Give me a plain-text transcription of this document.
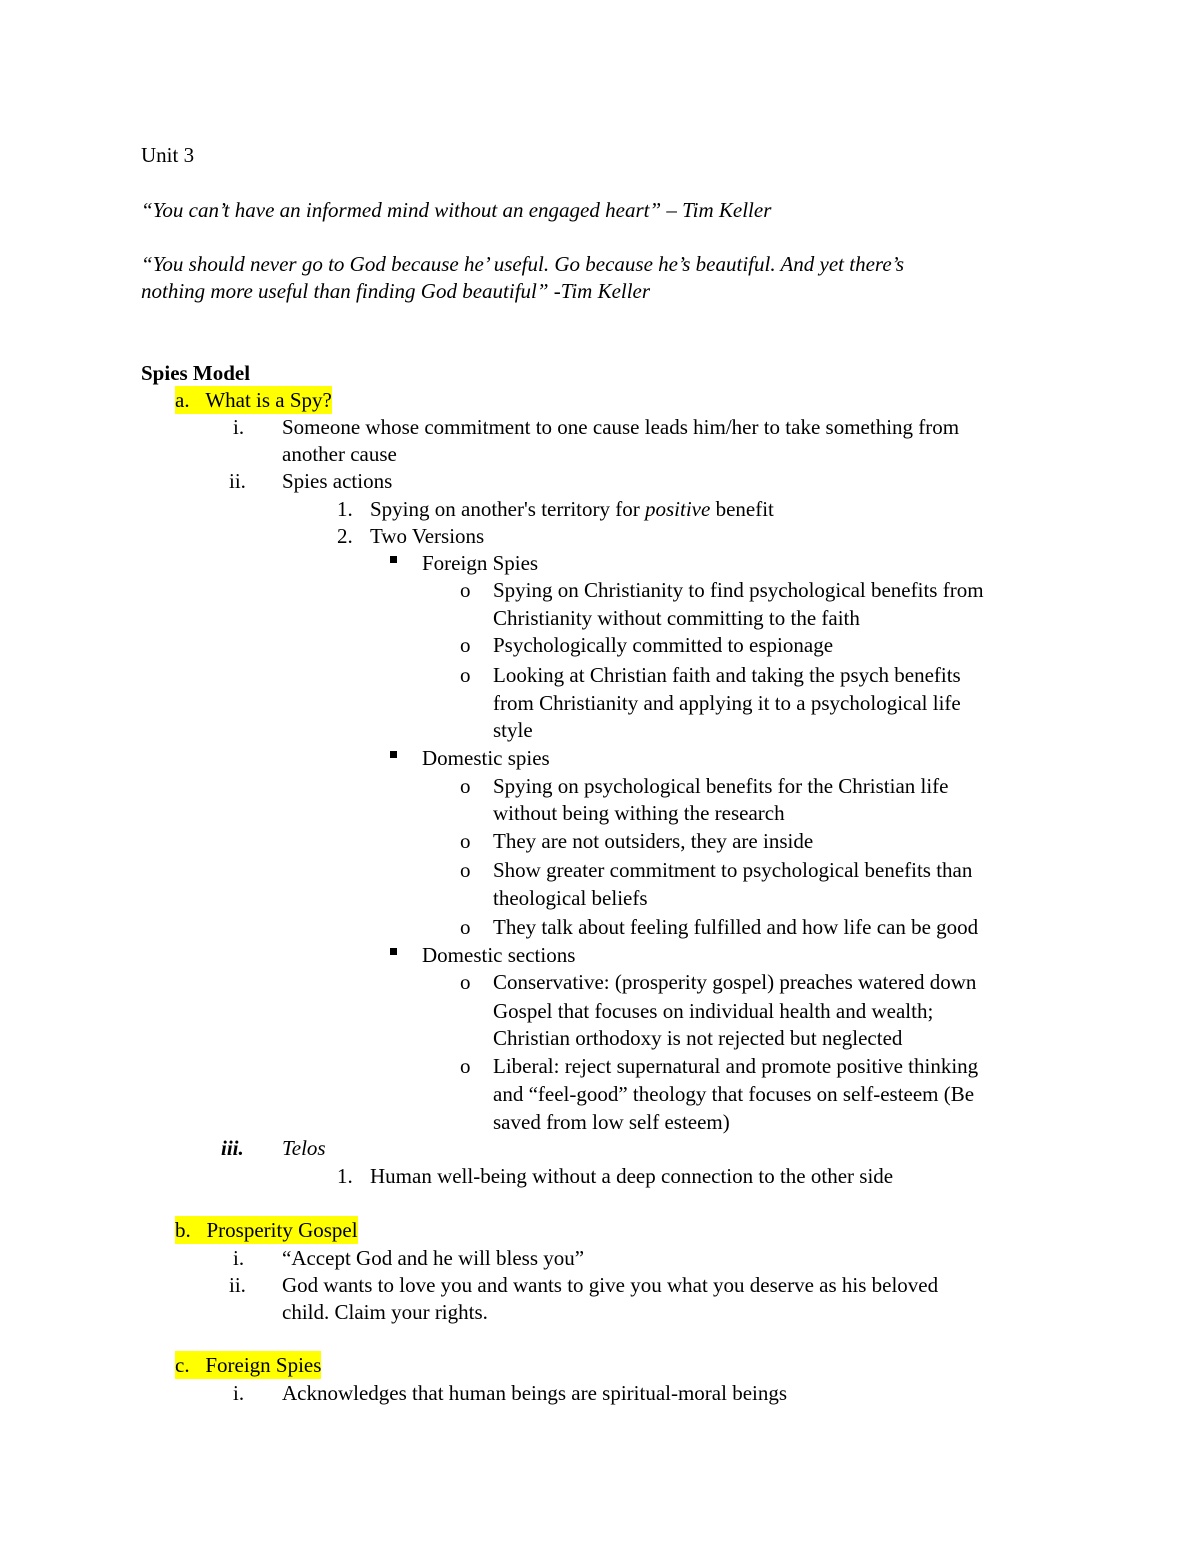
Unit 3
“You can’t have an informed mind without an engaged heart” – Tim Keller
“You should never go to God because he’ useful. Go because he’s beautiful. And yet there’s
nothing more useful than finding God beautiful” -Tim Keller
Spies Model
a. What is a Spy?
i. Someone whose commitment to one cause leads him/her to take something from
another cause
ii. Spies actions
1. Spying on another's territory for positive benefit
2. Two Versions
Foreign Spies
o Spying on Christianity to find psychological benefits from
Christianity without committing to the faith
o Psychologically committed to espionage
o Looking at Christian faith and taking the psych benefits
from Christianity and applying it to a psychological life
style
Domestic spies
o Spying on psychological benefits for the Christian life
without being withing the research
o They are not outsiders, they are inside
o Show greater commitment to psychological benefits than
theological beliefs
o They talk about feeling fulfilled and how life can be good
Domestic sections
o Conservative: (prosperity gospel) preaches watered down
Gospel that focuses on individual health and wealth;
Christian orthodoxy is not rejected but neglected
o Liberal: reject supernatural and promote positive thinking
and “feel-good” theology that focuses on self-esteem (Be
saved from low self esteem)
iii. Telos
1. Human well-being without a deep connection to the other side
b. Prosperity Gospel
i. “Accept God and he will bless you”
ii. God wants to love you and wants to give you what you deserve as his beloved
child. Claim your rights.
c. Foreign Spies
i. Acknowledges that human beings are spiritual-moral beings
